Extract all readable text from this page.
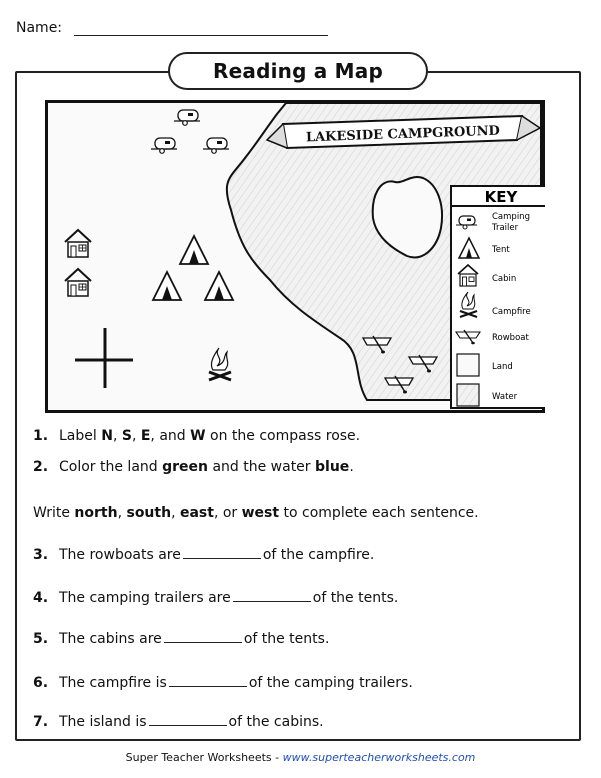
Name:
Reading a Map
LAKESIDE CAMPGROUND
KEY
Camping
Trailer
Tent
Cabin
Campfire
Rowboat
Land
Water
1. Label N, S, E, and W on the compass rose.
2. Color the land green and the water blue.
Write north, south, east, or west to complete each sentence.
3. The rowboats are	of the campfire.
4. The camping trailers are	of the tents.
5. The cabins are	of the tents.
6. The campfire is	of the camping trailers.
7. The island is	of the cabins.
Super Teacher Worksheets - www.superteacherworksheets.com
